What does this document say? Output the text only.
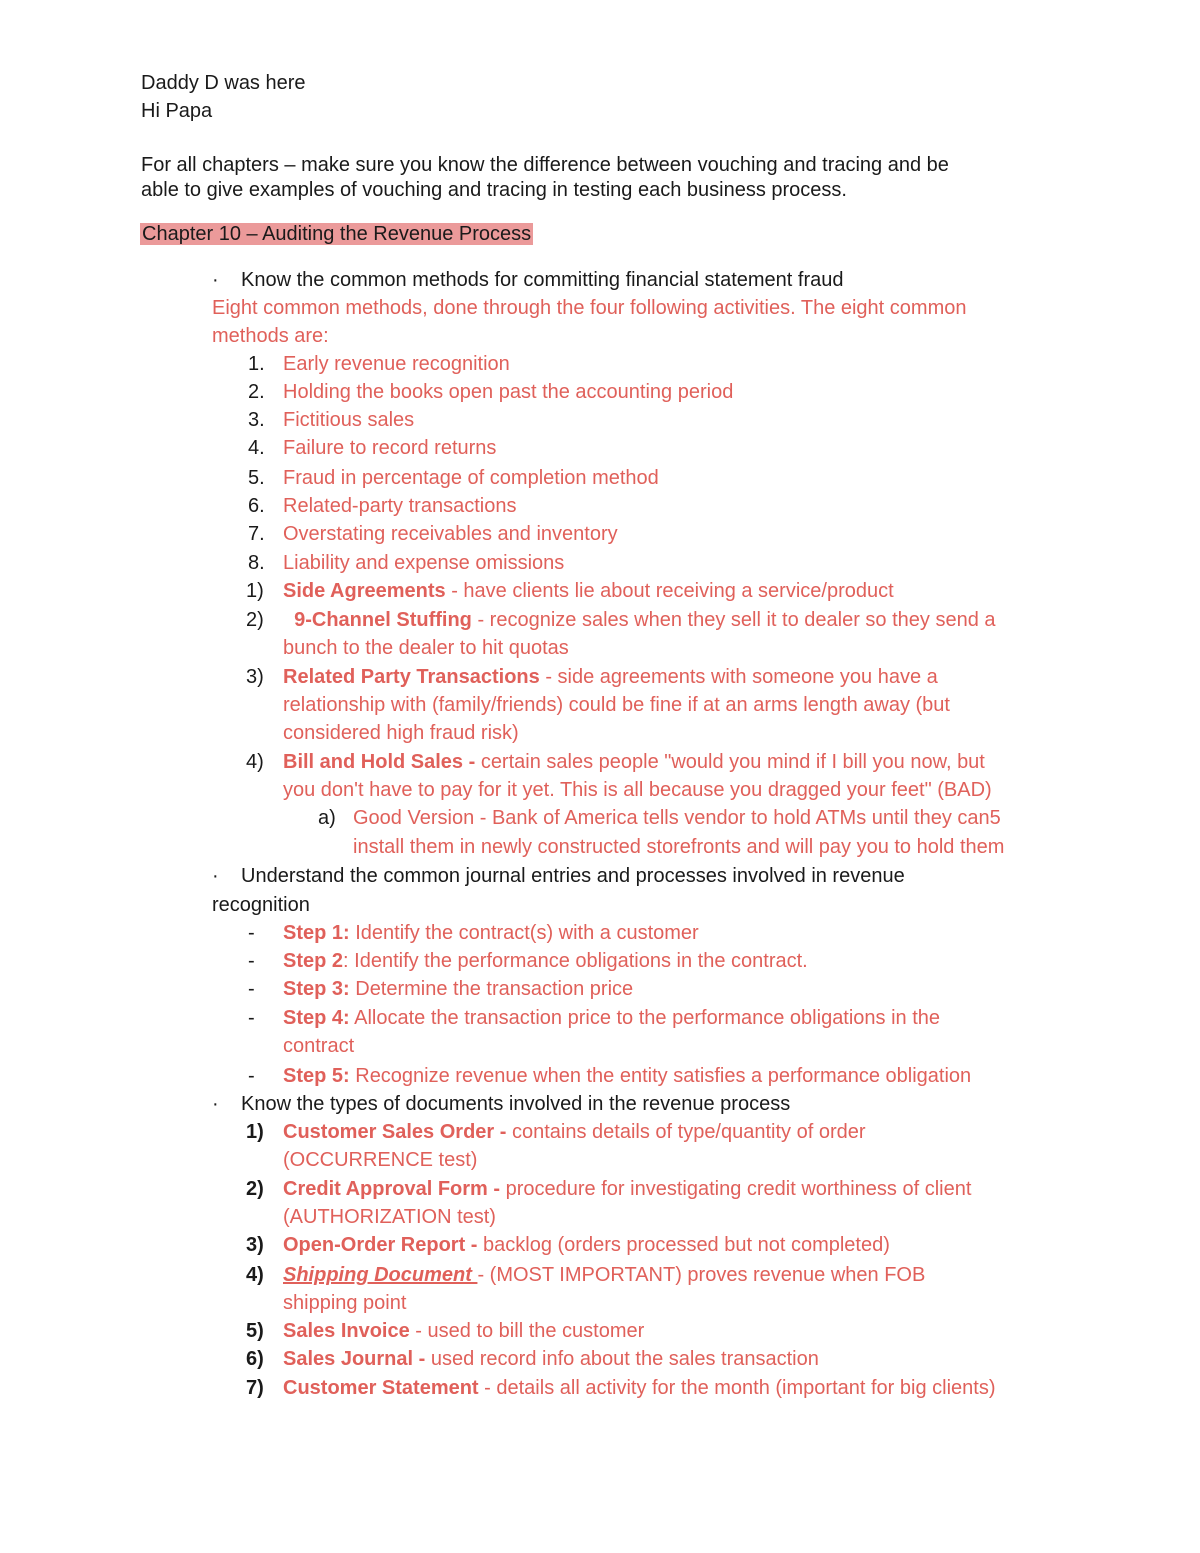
Daddy D was here
Hi Papa
For all chapters – make sure you know the difference between vouching and tracing and be
able to give examples of vouching and tracing in testing each business process.
Chapter 10 – Auditing the Revenue Process
· Know the common methods for committing financial statement fraud
Eight common methods, done through the four following activities. The eight common
methods are:
1. Early revenue recognition
2. Holding the books open past the accounting period
3. Fictitious sales
4. Failure to record returns
5. Fraud in percentage of completion method
6. Related-party transactions
7. Overstating receivables and inventory
8. Liability and expense omissions
1) Side Agreements - have clients lie about receiving a service/product
2) 9-Channel Stuffing - recognize sales when they sell it to dealer so they send a
bunch to the dealer to hit quotas
3) Related Party Transactions - side agreements with someone you have a
relationship with (family/friends) could be fine if at an arms length away (but
considered high fraud risk)
4) Bill and Hold Sales - certain sales people "would you mind if I bill you now, but
you don't have to pay for it yet. This is all because you dragged your feet" (BAD)
a) Good Version - Bank of America tells vendor to hold ATMs until they can5
install them in newly constructed storefronts and will pay you to hold them
· Understand the common journal entries and processes involved in revenue
recognition
- Step 1: Identify the contract(s) with a customer
- Step 2: Identify the performance obligations in the contract.
- Step 3: Determine the transaction price
- Step 4: Allocate the transaction price to the performance obligations in the
contract
- Step 5: Recognize revenue when the entity satisfies a performance obligation
· Know the types of documents involved in the revenue process
1) Customer Sales Order - contains details of type/quantity of order
(OCCURRENCE test)
2) Credit Approval Form - procedure for investigating credit worthiness of client
(AUTHORIZATION test)
3) Open-Order Report - backlog (orders processed but not completed)
4) Shipping Document - (MOST IMPORTANT) proves revenue when FOB
shipping point
5) Sales Invoice - used to bill the customer
6) Sales Journal - used record info about the sales transaction
7) Customer Statement - details all activity for the month (important for big clients)
